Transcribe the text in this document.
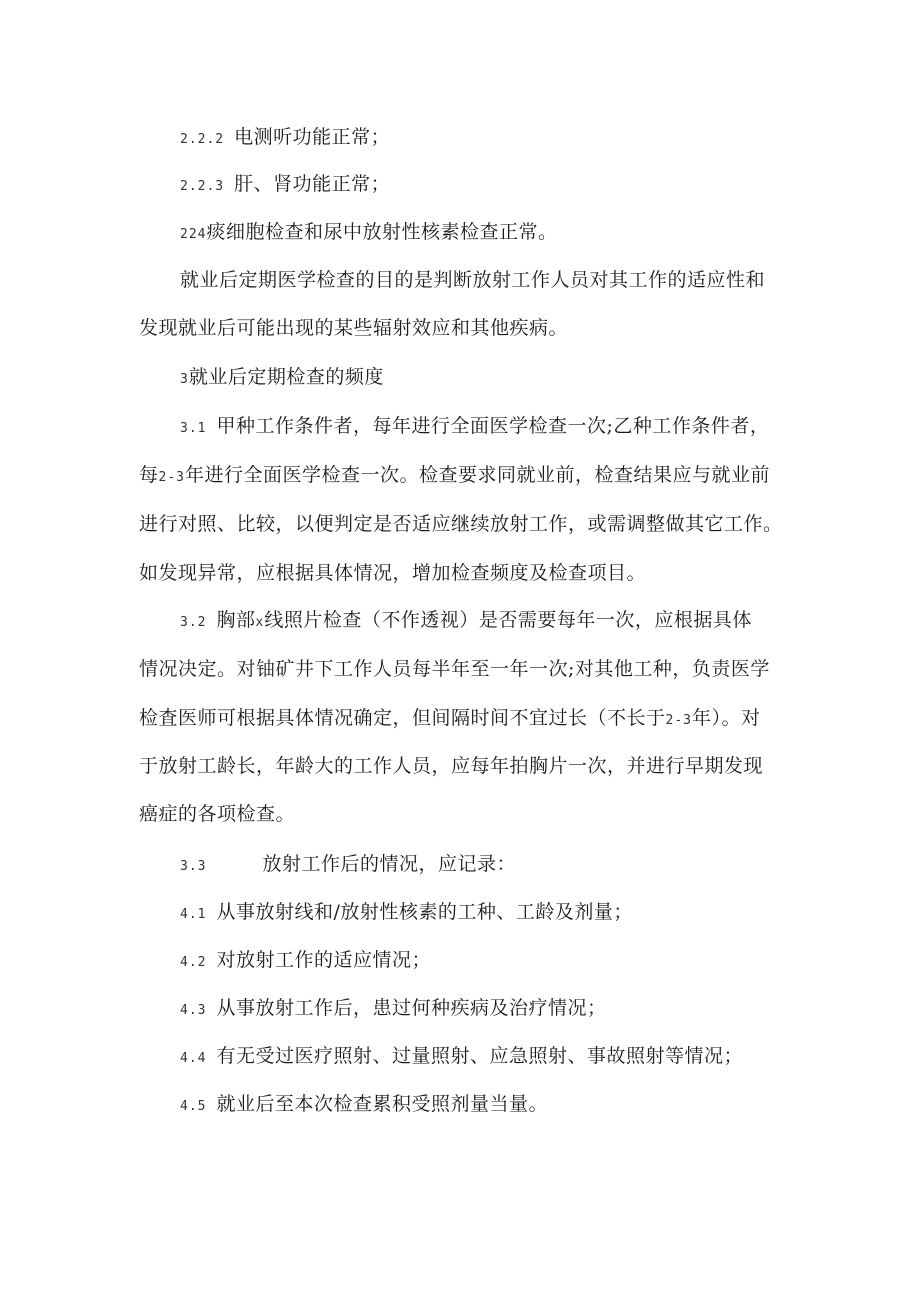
2.2.2 电测听功能正常；
2.2.3 肝、肾功能正常；
224痰细胞检查和尿中放射性核素检查正常。
就业后定期医学检查的目的是判断放射工作人员对其工作的适应性和
发现就业后可能出现的某些辐射效应和其他疾病。
3就业后定期检查的频度
3.1 甲种工作条件者，每年进行全面医学检查一次;乙种工作条件者，
每2-3年进行全面医学检查一次。检查要求同就业前，检查结果应与就业前
进行对照、比较，以便判定是否适应继续放射工作，或需调整做其它工作。
如发现异常，应根据具体情况，增加检查频度及检查项目。
3.2 胸部x线照片检查（不作透视）是否需要每年一次，应根据具体
情况决定。对铀矿井下工作人员每半年至一年一次;对其他工种，负责医学
检査医师可根据具体情况确定，但间隔时间不宜过长（不长于2-3年）。对
于放射工龄长，年龄大的工作人员，应每年拍胸片一次，并进行早期发现
癌症的各项检查。
3.3	放射工作后的情况，应记录：
4.1 从事放射线和/放射性核素的工种、工龄及剂量；
4.2 对放射工作的适应情况；
4.3 从事放射工作后，患过何种疾病及治疗情况；
4.4 有无受过医疗照射、过量照射、应急照射、事故照射等情况；
4.5 就业后至本次检查累积受照剂量当量。
